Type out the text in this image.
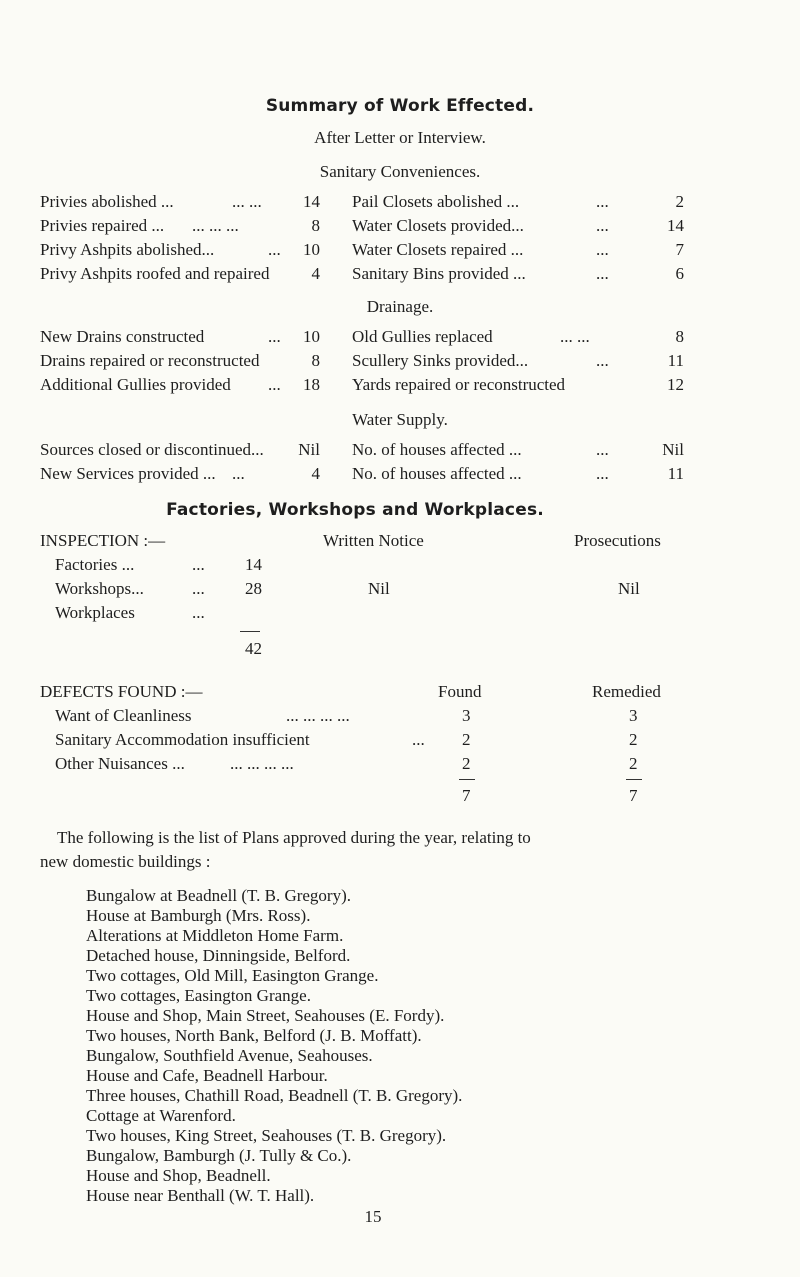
Summary of Work Effected.
After Letter or Interview.
Sanitary Conveniences.
Privies abolished ...	... ...	14
Privies repaired ... ... ... ...	8
Privy Ashpits abolished...	...	10
Privy Ashpits roofed and repaired	4
Pail Closets abolished ...	...	2
Water Closets provided...	...	14
Water Closets repaired ...	...	7
Sanitary Bins provided ...	...	6
Drainage.
New Drains constructed	...	10
Drains repaired or reconstructed	8
Additional Gullies provided ...	18
Old Gullies replaced	... ...	8
Scullery Sinks provided...	...	11
Yards repaired or reconstructed	12
Water Supply.
Sources closed or discontinued...	Nil
New Services provided ... ...	4
No. of houses affected ...	...	Nil
No. of houses affected ...	...	11
Factories, Workshops and Workplaces.
INSPECTION :—	Written Notice	Prosecutions
Factories ...	...	14
Workshops...	...	28	Nil	Nil
Workplaces	...
42
DEFECTS FOUND :—	Found	Remedied
Want of Cleanliness	... ... ... ...	3	3
Sanitary Accommodation insufficient	... 2	2
Other Nuisances ...	... ... ... ...	2	2
7	7
The following is the list of Plans approved during the year, relating to
new domestic buildings :
Bungalow at Beadnell (T. B. Gregory).
House at Bamburgh (Mrs. Ross).
Alterations at Middleton Home Farm.
Detached house, Dinningside, Belford.
Two cottages, Old Mill, Easington Grange.
Two cottages, Easington Grange.
House and Shop, Main Street, Seahouses (E. Fordy).
Two houses, North Bank, Belford (J. B. Moffatt).
Bungalow, Southfield Avenue, Seahouses.
House and Cafe, Beadnell Harbour.
Three houses, Chathill Road, Beadnell (T. B. Gregory).
Cottage at Warenford.
Two houses, King Street, Seahouses (T. B. Gregory).
Bungalow, Bamburgh (J. Tully & Co.).
House and Shop, Beadnell.
House near Benthall (W. T. Hall).
15
